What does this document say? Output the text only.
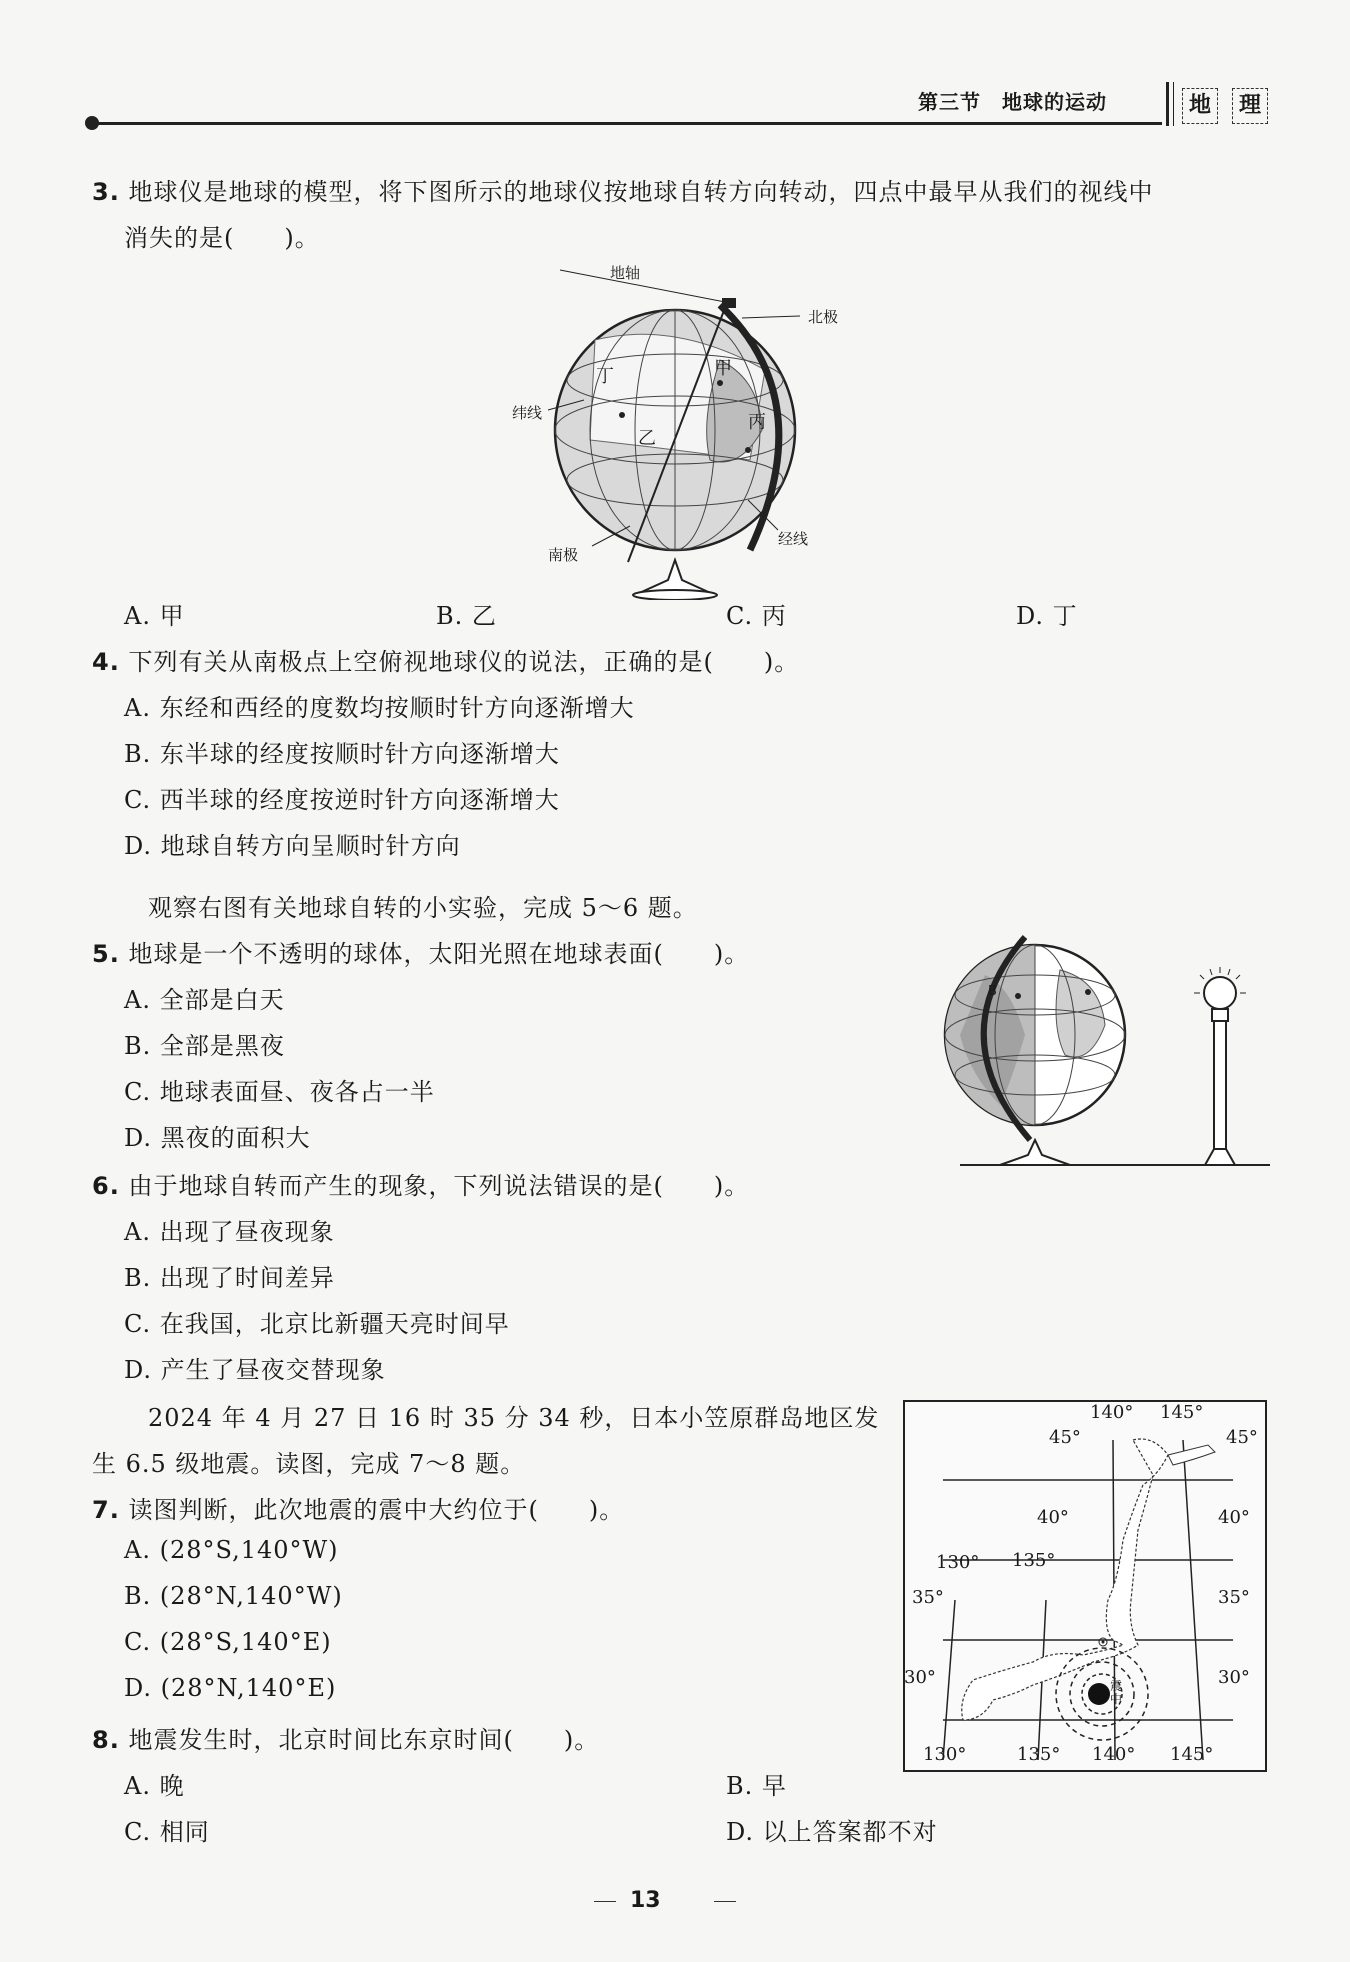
第三节　地球的运动	地	理
3. 地球仪是地球的模型，将下图所示的地球仪按地球自转方向转动，四点中最早从我们的视线中
消失的是(　　)。
地轴
北极
纬线
南极
经线
甲
乙
丙
丁
A. 甲	B. 乙	C. 丙	D. 丁
4. 下列有关从南极点上空俯视地球仪的说法，正确的是(　　)。
A. 东经和西经的度数均按顺时针方向逐渐增大
B. 东半球的经度按顺时针方向逐渐增大
C. 西半球的经度按逆时针方向逐渐增大
D. 地球自转方向呈顺时针方向
观察右图有关地球自转的小实验，完成 5～6 题。
5. 地球是一个不透明的球体，太阳光照在地球表面(　　)。
A. 全部是白天
B. 全部是黑夜
C. 地球表面昼、夜各占一半
D. 黑夜的面积大
B
6. 由于地球自转而产生的现象，下列说法错误的是(　　)。
A. 出现了昼夜现象
B. 出现了时间差异
C. 在我国，北京比新疆天亮时间早
D. 产生了昼夜交替现象
2024 年 4 月 27 日 16 时 35 分 34 秒，日本小笠原群岛地区发
生 6.5 级地震。读图，完成 7～8 题。
7. 读图判断，此次地震的震中大约位于(　　)。
A. (28°S,140°W)
B. (28°N,140°W)
C. (28°S,140°E)
D. (28°N,140°E)
8. 地震发生时，北京时间比东京时间(　　)。
A. 晚	B. 早
C. 相同	D. 以上答案都不对
140° 145°
130° 135°
130°	135° 140° 145°
45°
40°
35°
30°
45°
40°
35°
30°
震中
13
